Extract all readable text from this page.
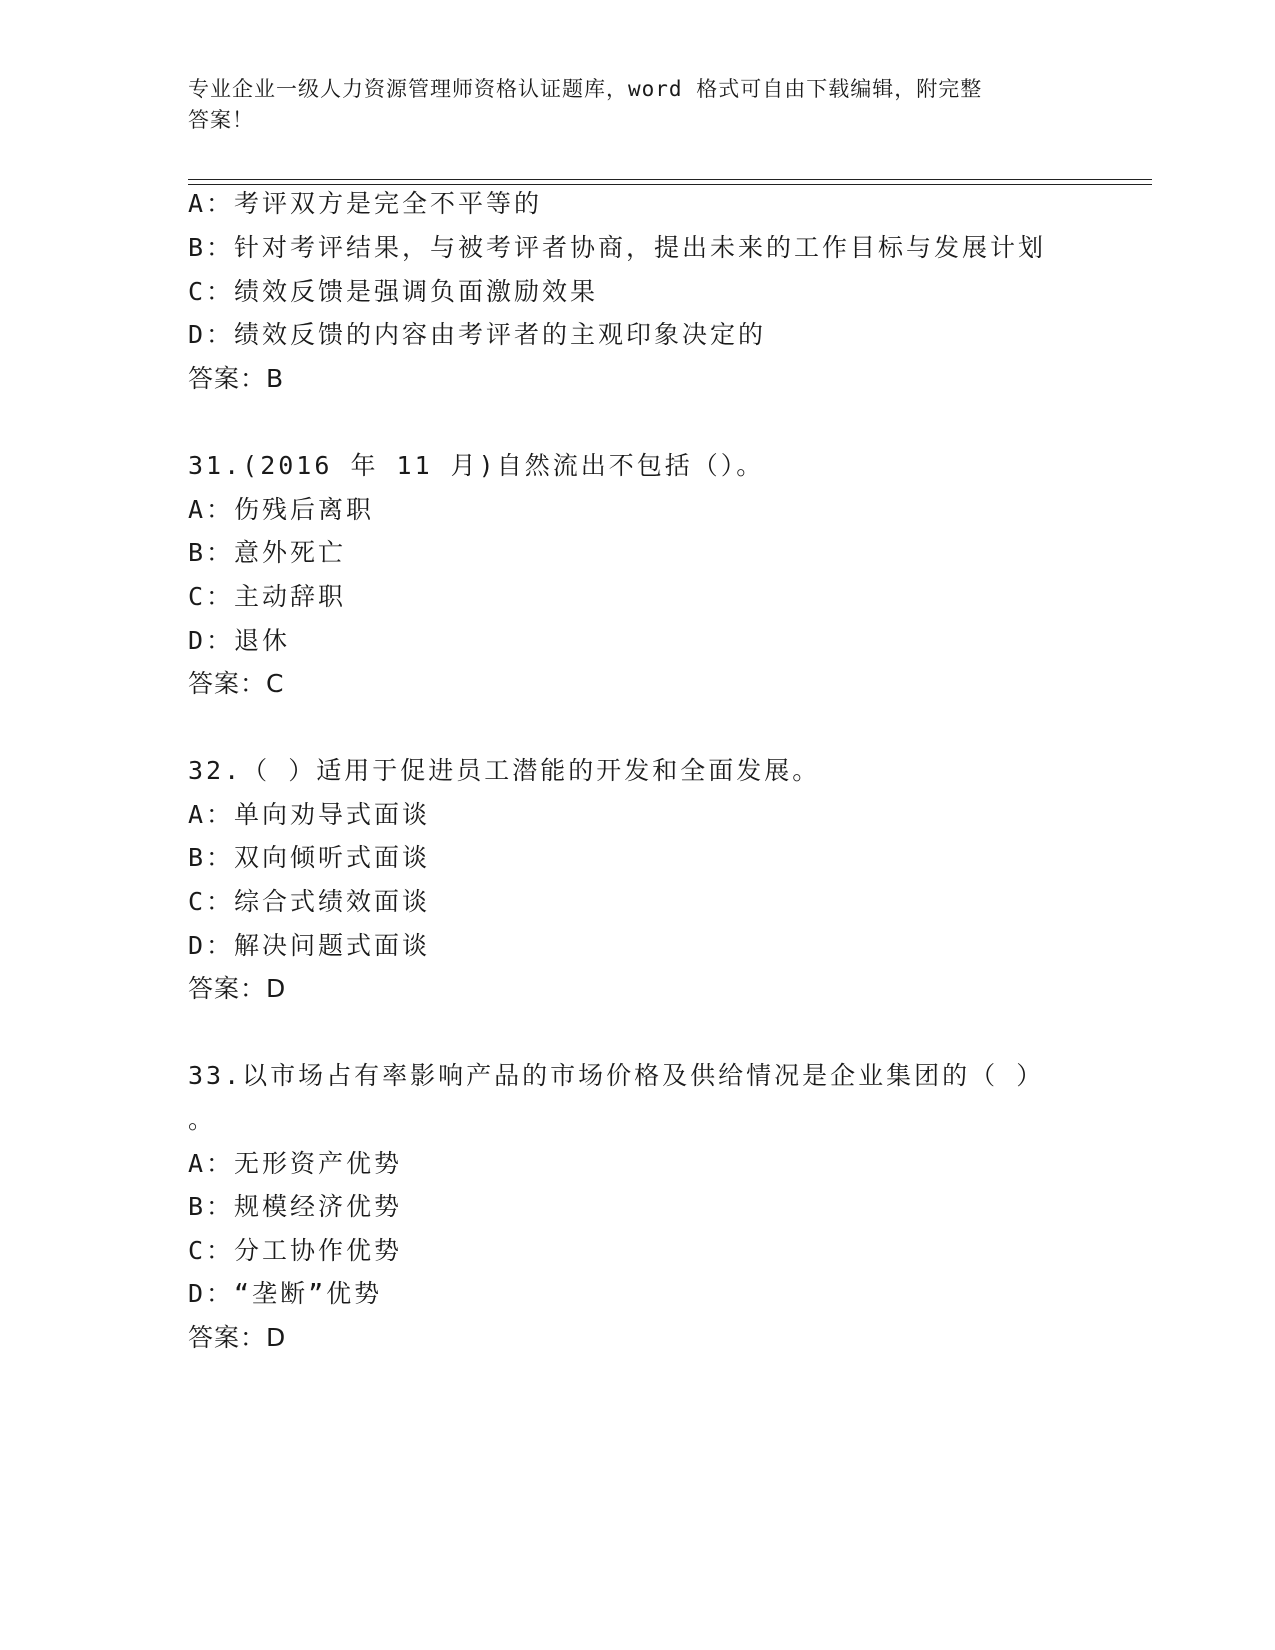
专业企业一级人力资源管理师资格认证题库，word 格式可自由下载编辑，附完整
答案！
A：考评双方是完全不平等的
B：针对考评结果，与被考评者协商，提出未来的工作目标与发展计划
C：绩效反馈是强调负面激励效果
D：绩效反馈的内容由考评者的主观印象决定的
答案：B
31.(2016 年 11 月)自然流出不包括（）。
A：伤残后离职
B：意外死亡
C：主动辞职
D：退休
答案：C
32.（ ）适用于促进员工潜能的开发和全面发展。
A：单向劝导式面谈
B：双向倾听式面谈
C：综合式绩效面谈
D：解决问题式面谈
答案：D
33.以市场占有率影响产品的市场价格及供给情况是企业集团的（ ）
。
A：无形资产优势
B：规模经济优势
C：分工协作优势
D：“垄断”优势
答案：D
